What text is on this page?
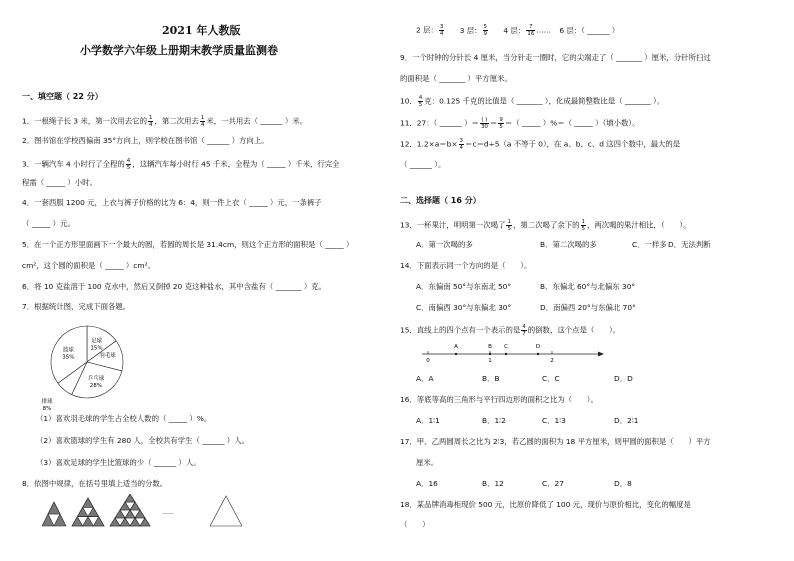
2021 年人教版
小学数学六年级上册期末教学质量监测卷
一、填空题（ 22 分）
1．一根绳子长 3 米，第一次用去它的 $\frac{1}{4}$ ，第二次用去 $\frac{1}{4}$ 米，一共用去（ ______ ）米。
2．图书馆在学校西偏南 35°方向上，则学校在图书馆（ ______ ）方向上。
3．一辆汽车 4 小时行了全程的 $\frac{4}{5}$ ，这辆汽车每小时行 45 千米，全程为（ _____ ）千米，行完全
程需（ _____ ）小时。
4．一套西服 1200 元，上衣与裤子价格的比为 6：4，则一件上衣（ _____ ）元，一条裤子
（ _____ ）元。
5．在一个正方形里面画下一个最大的圆，若圆的周长是 31.4cm，则这个正方形的面积是（ _____ ）
cm²，这个圆的面积是（ _____ ）cm²。
6．将 10 克盐溶于 100 克水中，然后又倒掉 20 克这种盐水，其中含盐有（ _______ ）克。
7．根据统计图，完成下面各题。
足球
15%
羽毛球
乒乓球
28%
排球
8%
篮球
35%
（1）喜欢羽毛球的学生占全校人数的（ _____ ）%。
（2）喜欢篮球的学生有 280 人，全校共有学生（ ______ ）人。
（3）喜欢足球的学生比篮球的少（ ______ ）人。
8．依图中规律，在括号里填上适当的分数。
……
2 层： $\frac{3}{4} 3$ 层： $\frac{5}{9} 4$ 层： $\frac{7}{16}$ …… 6 层：（ ______ ）
9．一个时钟的分针长 4 厘米，当分针走一圈时，它的尖端走了（ _______ ）厘米，分针所扫过
的面积是（ _______ ）平方厘米。
10． $\frac{4}{5}$ 克：0.125 千克的比值是（ _______ ），化成最简整数比是（ _______ ）。
11．27：（ ______ ）＝ $\frac{( )}{30} = \frac{9}{5}$ ＝（ _____ ）%＝（ _____ ）（填小数）。
12．$1.2\times a=b\times \frac{3}{4} =c=d\div 5(a$ 不等于 0），在 a、b、c、d 这四个数中，最大的是
（ ______ ）。
二、选择题（ 16 分）
13．一杯果汁，明明第一次喝了 $\frac{1}{5}$ ，第二次喝了余下的 $\frac{1}{5}$ ，两次喝的果汁相比，（　　）。
A．第一次喝的多	B．第二次喝的多	C．一样多 D．无法判断
14．下面表示同一个方向的是（　　）。
A．东偏南 50°与东南北 50°	B．东偏北 60°与北偏东 30°
C．南偏西 30°与东偏北 30°	D．南偏西 20°与东偏北 70°
15．直线上的四个点有一个表示的是 $\frac{4}{7}$ 的倒数，这个点是（　　）。
0	1	2
A	B C	D
A．A	B．B	C．C	D．D
16．等底等高的三角形与平行四边形的面积之比为（　　）。
A．1∶1	B．1∶2	C．1∶3	D．2∶1
17．甲、乙两圆周长之比为 2∶3，若乙圆的面积为 18 平方厘米，则甲圆的面积是（　　）平方
厘米。
A．16	B．12	C．27	D．8
18．某品牌消毒柜现价 500 元，比原价降低了 100 元，现价与原价相比，变化的幅度是
（　　）
